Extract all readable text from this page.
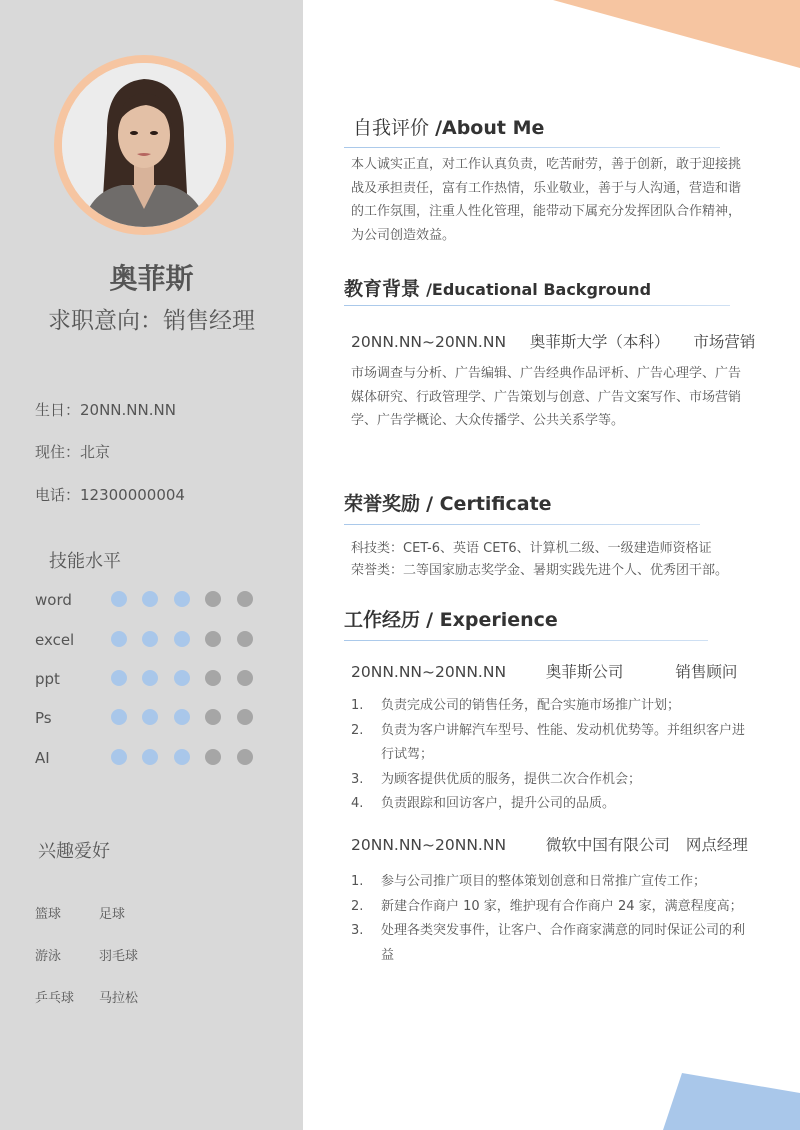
奥菲斯
求职意向：销售经理
生日：20NN.NN.NN
现住：北京
电话：12300000004
技能水平
word
excel
ppt
Ps
AI
兴趣爱好
篮球	足球
游泳	羽毛球
乒乓球 马拉松
自我评价 /About Me
本人诚实正直，对工作认真负责，吃苦耐劳，善于创新，敢于迎接挑战及承担责任，富有工作热情，乐业敬业，善于与人沟通，营造和谐的工作氛围，注重人性化管理，能带动下属充分发挥团队合作精神，为公司创造效益。
教育背景 /Educational Background
20NN.NN~20NN.NN 奥菲斯大学（本科） 市场营销
市场调查与分析、广告编辑、广告经典作品评析、广告心理学、广告媒体研究、行政管理学、广告策划与创意、广告文案写作、市场营销学、广告学概论、大众传播学、公共关系学等。
荣誉奖励 / Certificate
科技类：CET-6、英语 CET6、计算机二级、一级建造师资格证
荣誉类：二等国家励志奖学金、暑期实践先进个人、优秀团干部。
工作经历 / Experience
20NN.NN~20NN.NN	奥菲斯公司	销售顾问
1. 负责完成公司的销售任务，配合实施市场推广计划；
2. 负责为客户讲解汽车型号、性能、发动机优势等。并组织客户进行试驾；
3. 为顾客提供优质的服务，提供二次合作机会；
4. 负责跟踪和回访客户，提升公司的品质。
20NN.NN~20NN.NN	微软中国有限公司 网点经理
1. 参与公司推广项目的整体策划创意和日常推广宣传工作；
2. 新建合作商户 10 家，维护现有合作商户 24 家，满意程度高；
3. 处理各类突发事件，让客户、合作商家满意的同时保证公司的利益
